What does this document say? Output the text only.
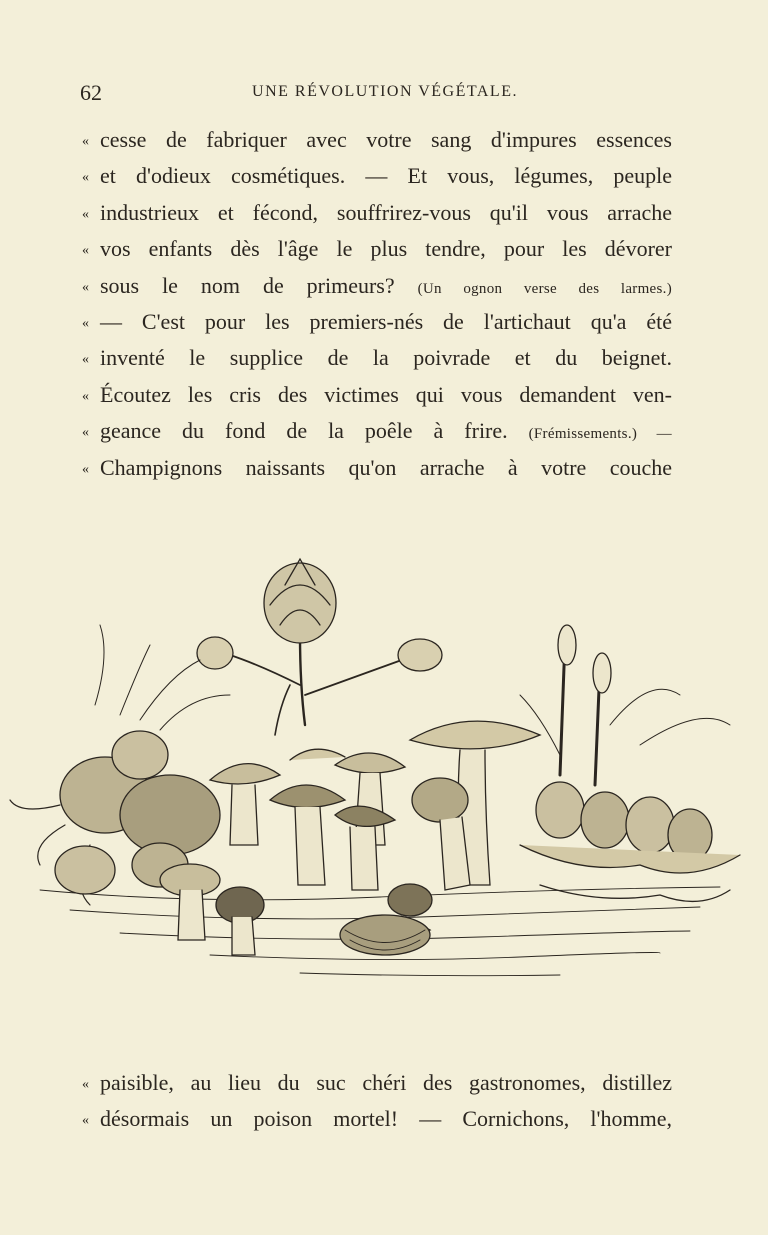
62	UNE RÉVOLUTION VÉGÉTALE.
« cesse de fabriquer avec votre sang d'impures essences
« et d'odieux cosmétiques. — Et vous, légumes, peuple
« industrieux et fécond, souffrirez-vous qu'il vous arrache
« vos enfants dès l'âge le plus tendre, pour les dévorer
« sous le nom de primeurs? (Un ognon verse des larmes.)
« — C'est pour les premiers-nés de l'artichaut qu'a été
« inventé le supplice de la poivrade et du beignet.
« Écoutez les cris des victimes qui vous demandent ven-
« geance du fond de la poêle à frire. (Frémissements.) —
« Champignons naissants qu'on arrache à votre couche
« paisible, au lieu du suc chéri des gastronomes, distillez
« désormais un poison mortel! — Cornichons, l'homme,
